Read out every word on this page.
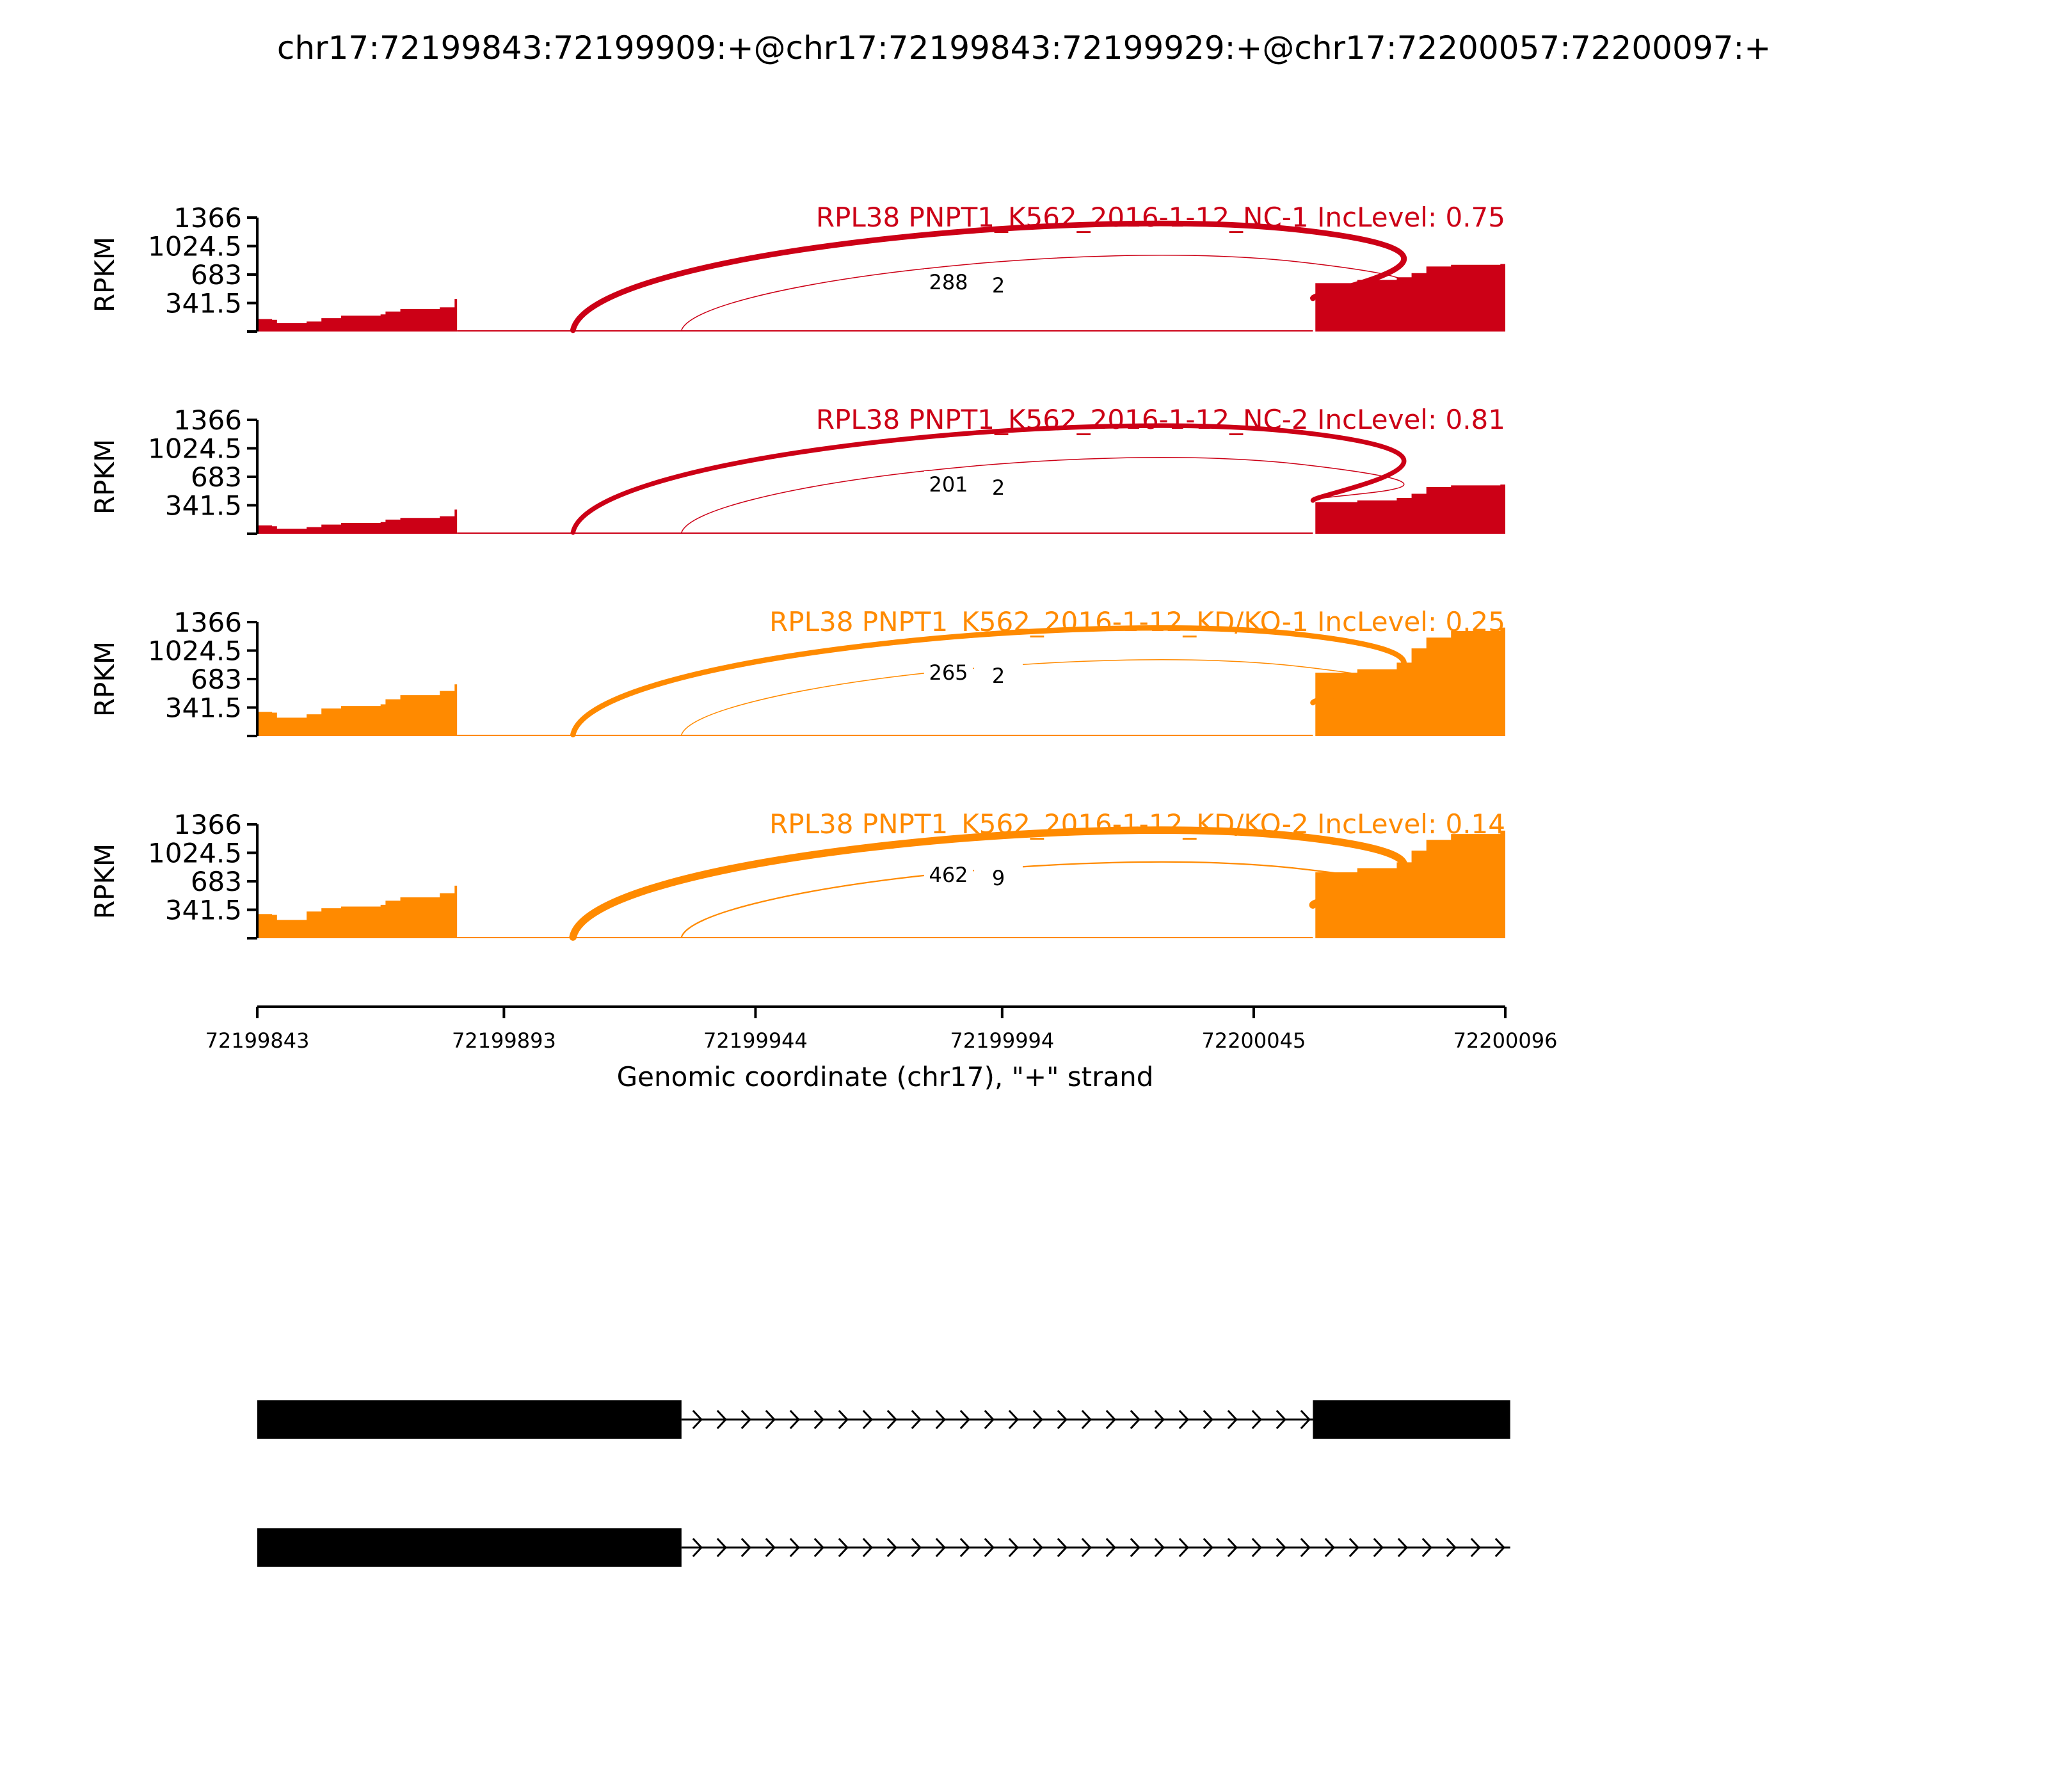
chr17:72199843:72199909:+@chr17:72199843:72199929:+@chr17:72200057:72200097:+
288 2
1366
1024.5
683
341.5
RPKM
RPL38 PNPT1_K562_2016-1-12_NC-1 IncLevel: 0.75
201 2
1366
1024.5
683
341.5
RPKM
RPL38 PNPT1_K562_2016-1-12_NC-2 IncLevel: 0.81
265 2
1366
1024.5
683
341.5
RPKM
RPL38 PNPT1_K562_2016-1-12_KD/KO-1 IncLevel: 0.25
462 9
1366
1024.5
683
341.5
RPKM
RPL38 PNPT1_K562_2016-1-12_KD/KO-2 IncLevel: 0.14
72199843	72199893	72199944	72199994	72200045	72200096
Genomic coordinate (chr17), "+" strand
